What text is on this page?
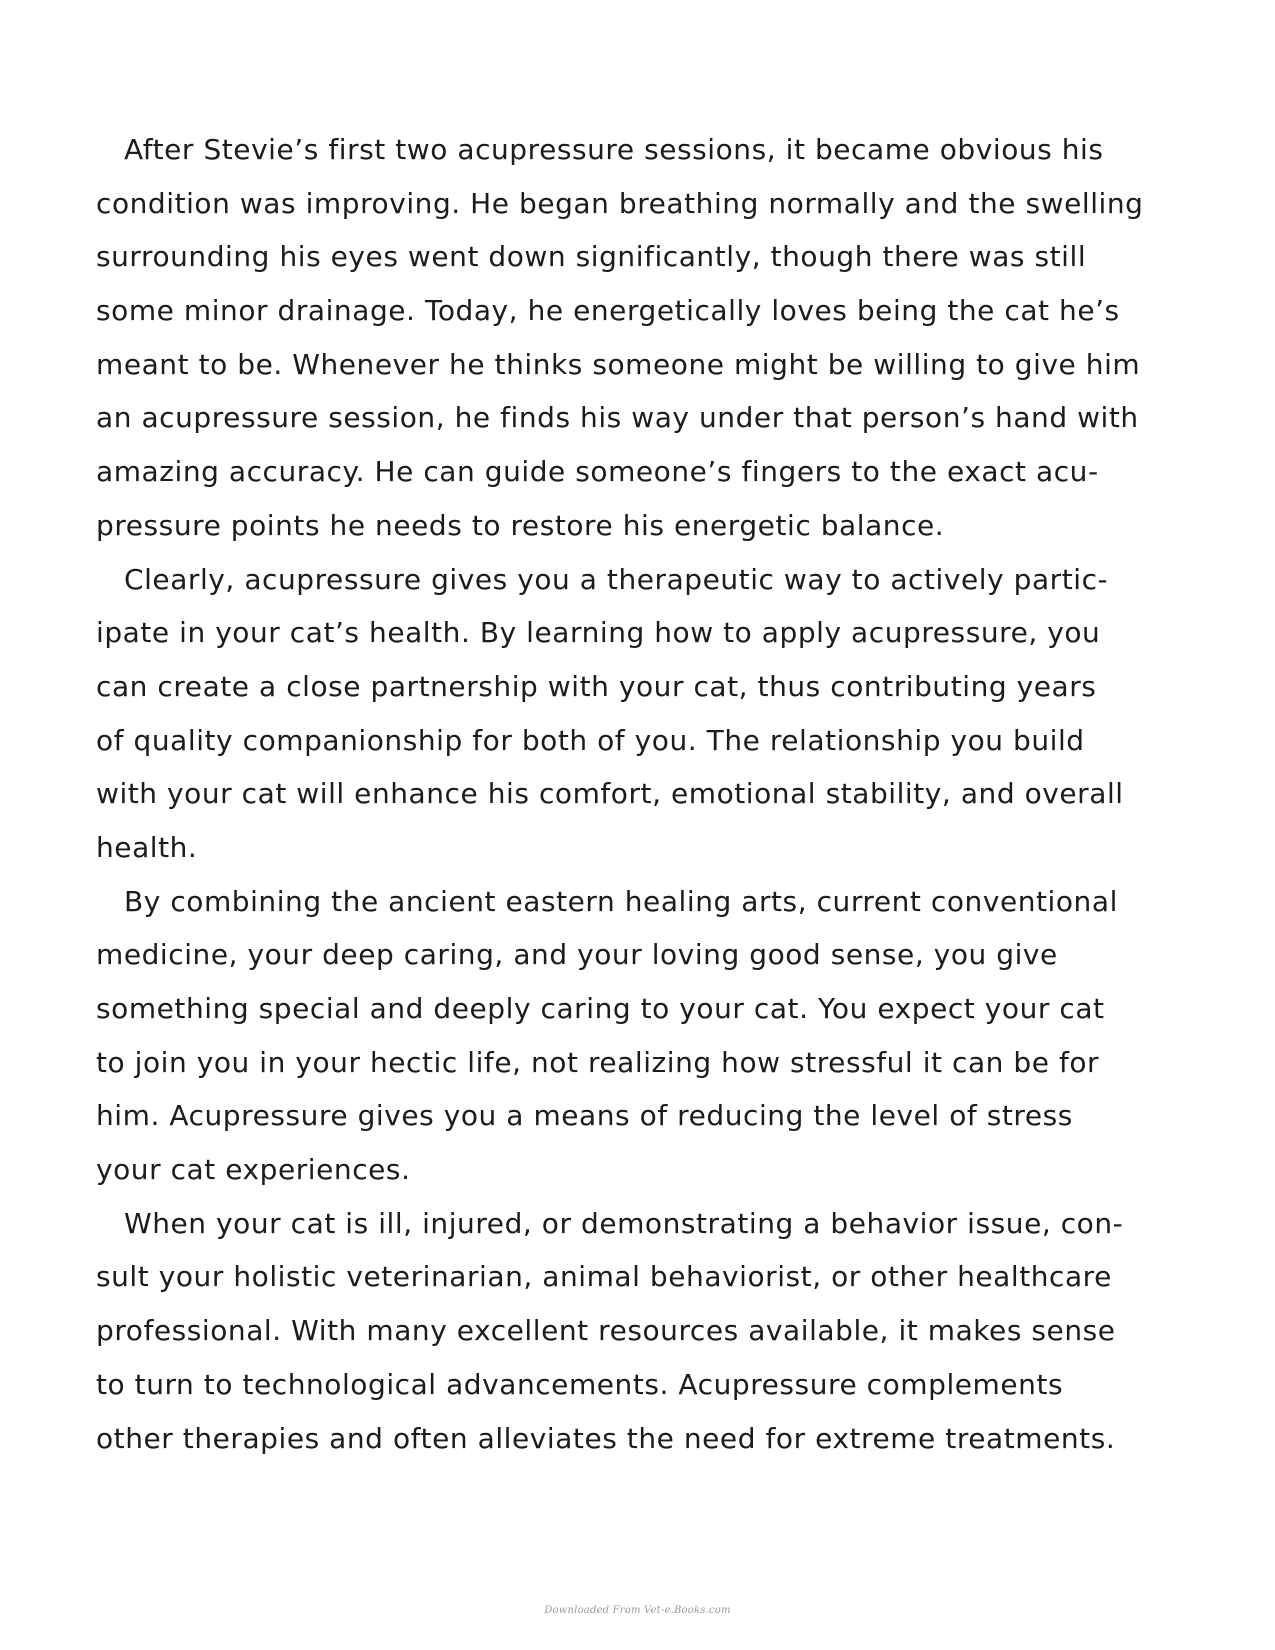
After Stevie’s first two acupressure sessions, it became obvious his

condition was improving. He began breathing normally and the swelling

surrounding his eyes went down significantly, though there was still

some minor drainage. Today, he energetically loves being the cat he’s

meant to be. Whenever he thinks someone might be willing to give him

an acupressure session, he finds his way under that person’s hand with

amazing accuracy. He can guide someone’s fingers to the exact acu-

pressure points he needs to restore his energetic balance.

Clearly, acupressure gives you a therapeutic way to actively partic-

ipate in your cat’s health. By learning how to apply acupressure, you

can create a close partnership with your cat, thus contributing years

of quality companionship for both of you. The relationship you build

with your cat will enhance his comfort, emotional stability, and overall

health.

By combining the ancient eastern healing arts, current conventional

medicine, your deep caring, and your loving good sense, you give

something special and deeply caring to your cat. You expect your cat

to join you in your hectic life, not realizing how stressful it can be for

him. Acupressure gives you a means of reducing the level of stress

your cat experiences.

When your cat is ill, injured, or demonstrating a behavior issue, con-

sult your holistic veterinarian, animal behaviorist, or other healthcare

professional. With many excellent resources available, it makes sense

to turn to technological advancements. Acupressure complements

other therapies and often alleviates the need for extreme treatments.

Downloaded From Vet-e.Books.com
